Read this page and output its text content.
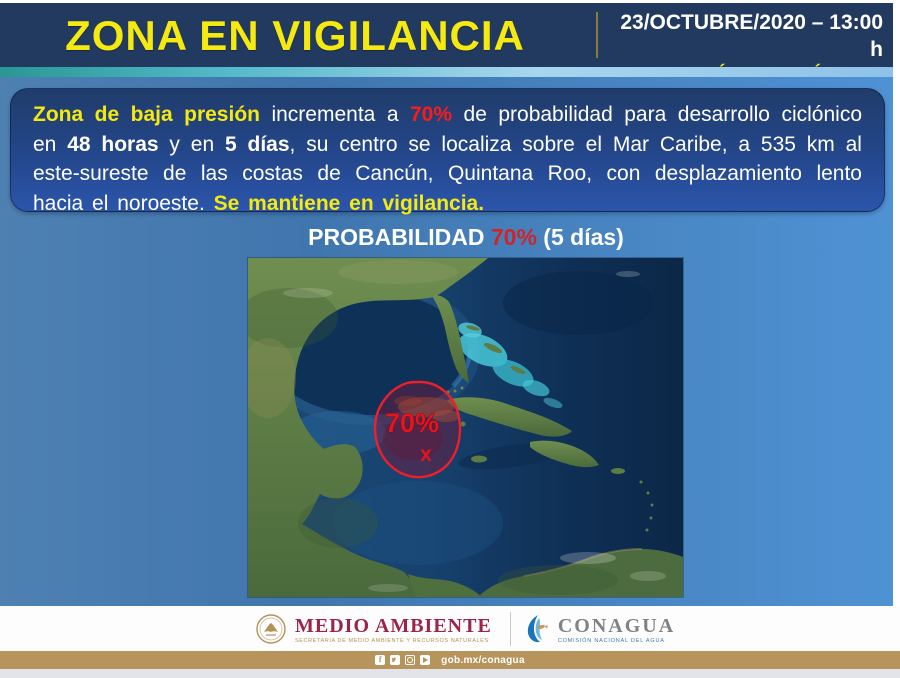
ZONA EN VIGILANCIA	23/OCTUBRE/2020 – 13:00 h

Zona de baja presión incrementa a 70% de probabilidad para desarrollo ciclónico en 48 horas y en 5 días, su centro se localiza sobre el Mar Caribe, a 535 km al este-sureste de las costas de Cancún, Quintana Roo, con desplazamiento lento hacia el noroeste. Se mantiene en vigilancia.

PROBABILIDAD 70% (5 días)
70%
x
MEDIO AMBIENTE
SECRETARÍA DE MEDIO AMBIENTE Y RECURSOS NATURALES
CONAGUA
COMISIÓN NACIONAL DEL AGUA
f	gob.mx/conagua
